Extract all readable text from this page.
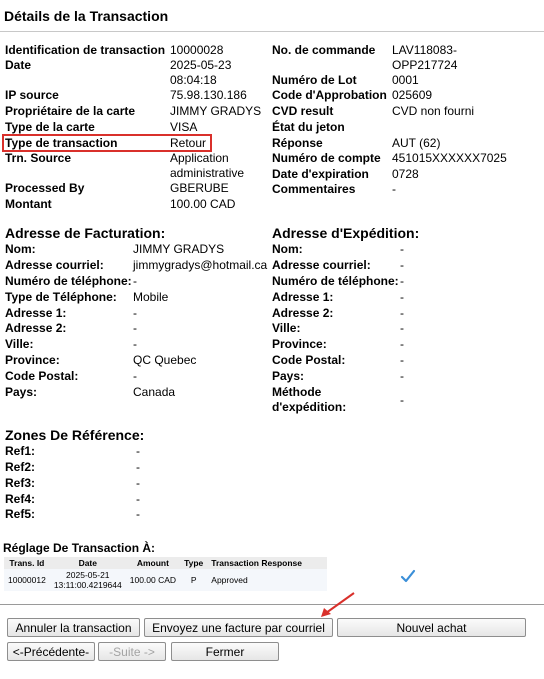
Détails de la Transaction
Identification de transaction 10000028
Date	2025-05-23
08:04:18
IP source	75.98.130.186
Propriétaire de la carte	JIMMY GRADYS
Type de la carte	VISA
Type de transaction	Retour
Trn. Source	Application
administrative
Processed By	GBERUBE
Montant	100.00 CAD
No. de commande	LAV118083-
OPP217724
Numéro de Lot	0001
Code d'Approbation 025609
CVD result	CVD non fourni
État du jeton
Réponse	AUT (62)
Numéro de compte 451015XXXXXX7025
Date d'expiration	0728
Commentaires	-
Adresse de Facturation:
Nom:	JIMMY GRADYS
Adresse courriel:	jimmygradys@hotmail.ca
Numéro de téléphone: -
Type de Téléphone:	Mobile
Adresse 1:	-
Adresse 2:	-
Ville:	-
Province:	QC Quebec
Code Postal:	-
Pays:	Canada
Adresse d'Expédition:
Nom:	-
Adresse courriel:	-
Numéro de téléphone: -
Adresse 1:	-
Adresse 2:	-
Ville:	-
Province:	-
Code Postal:	-
Pays:	-
Méthode
d'expédition:
-
Zones De Référence:
Ref1:	-
Ref2:	-
Ref3:	-
Ref4:	-
Ref5:	-
Réglage De Transaction À:
Trans. Id	Date	Amount	Type	Transaction Response
10000012	2025-05-21
13:11:00.4219644	100.00 CAD	P	Approved
Annuler la transaction	Envoyez une facture par courriel	Nouvel achat
<-Précédente-	-Suite ->	Fermer
